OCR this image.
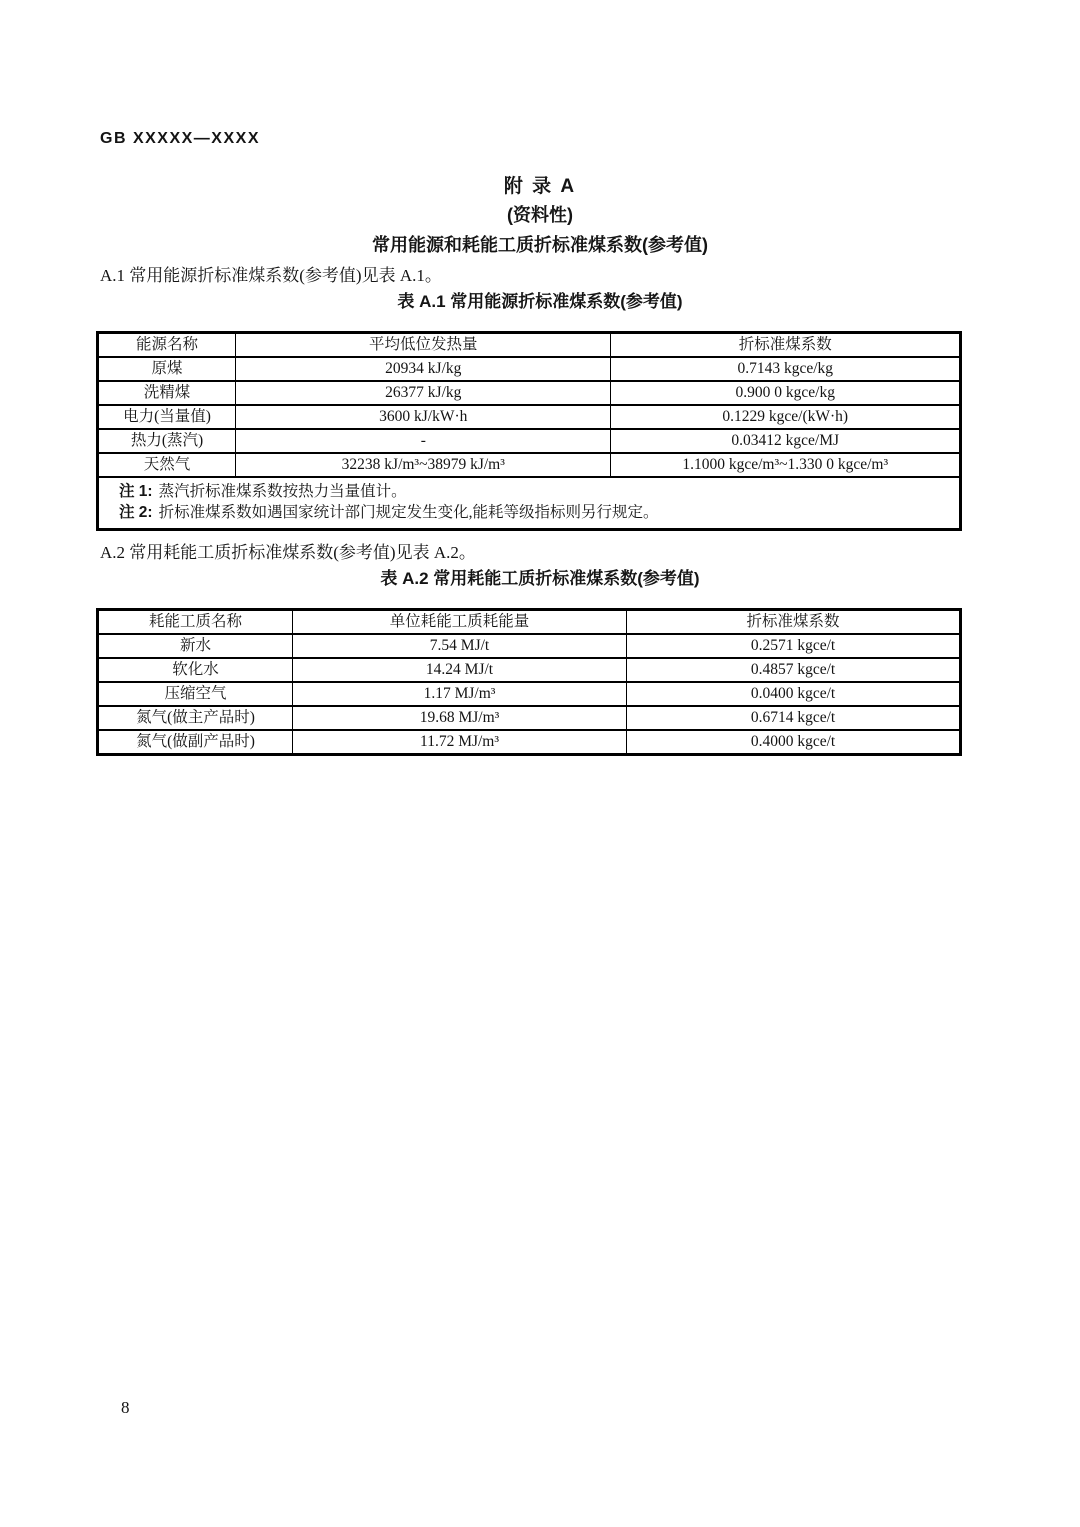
GB XXXXX—XXXX
附 录 A
(资料性)
常用能源和耗能工质折标准煤系数(参考值)
A.1 常用能源折标准煤系数(参考值)见表 A.1。
表 A.1 常用能源折标准煤系数(参考值)
能源名称	平均低位发热量	折标准煤系数
原煤	20934 kJ/kg	0.7143 kgce/kg
洗精煤	26377 kJ/kg	0.900 0 kgce/kg
电力(当量值)	3600 kJ/kW·h	0.1229 kgce/(kW·h)
热力(蒸汽)	-	0.03412 kgce/MJ
天然气	32238 kJ/m³~38979 kJ/m³	1.1000 kgce/m³~1.330 0 kgce/m³

注 1: 蒸汽折标准煤系数按热力当量值计。
注 2: 折标准煤系数如遇国家统计部门规定发生变化,能耗等级指标则另行规定。		
A.2 常用耗能工质折标准煤系数(参考值)见表 A.2。
表 A.2 常用耗能工质折标准煤系数(参考值)
耗能工质名称	单位耗能工质耗能量	折标准煤系数
新水	7.54 MJ/t	0.2571 kgce/t
软化水	14.24 MJ/t	0.4857 kgce/t
压缩空气	1.17 MJ/m³	0.0400 kgce/t
氮气(做主产品时)	19.68 MJ/m³	0.6714 kgce/t
氮气(做副产品时)	11.72 MJ/m³	0.4000 kgce/t
8
